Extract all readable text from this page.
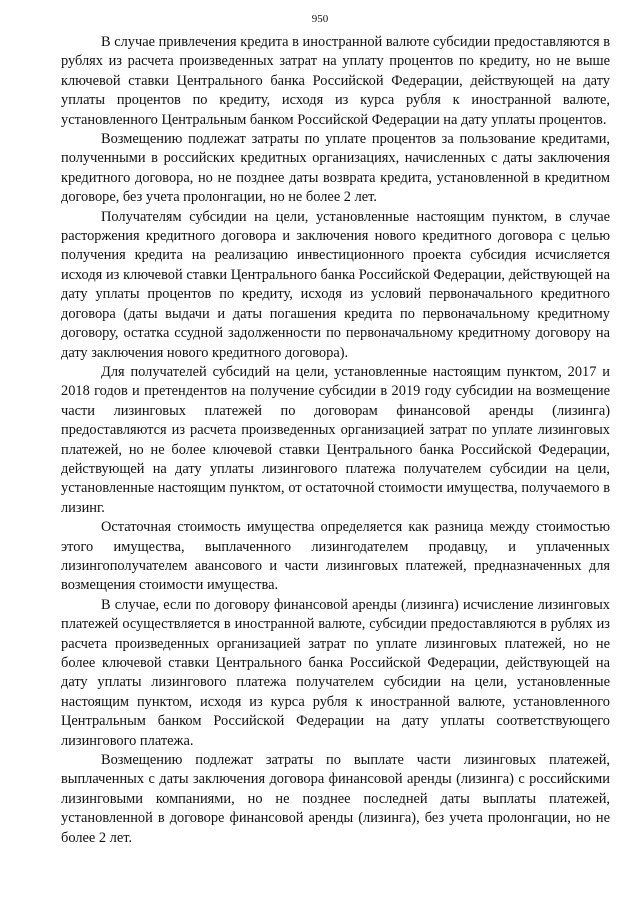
950

В случае привлечения кредита в иностранной валюте субсидии предоставляются в рублях из расчета произведенных затрат на уплату процентов по кредиту, но не выше ключевой ставки Центрального банка Российской Федерации, действующей на дату уплаты процентов по кредиту, исходя из курса рубля к иностранной валюте, установленного Центральным банком Российской Федерации на дату уплаты процентов.

Возмещению подлежат затраты по уплате процентов за пользование кредитами, полученными в российских кредитных организациях, начисленных с даты заключения кредитного договора, но не позднее даты возврата кредита, установленной в кредитном договоре, без учета пролонгации, но не более 2 лет.

Получателям субсидии на цели, установленные настоящим пунктом, в случае расторжения кредитного договора и заключения нового кредитного договора с целью получения кредита на реализацию инвестиционного проекта субсидия исчисляется исходя из ключевой ставки Центрального банка Российской Федерации, действующей на дату уплаты процентов по кредиту, исходя из условий первоначального кредитного договора (даты выдачи и даты погашения кредита по первоначальному кредитному договору, остатка ссудной задолженности по первоначальному кредитному договору на дату заключения нового кредитного договора).

Для получателей субсидий на цели, установленные настоящим пунктом, 2017 и 2018 годов и претендентов на получение субсидии в 2019 году субсидии на возмещение части лизинговых платежей по договорам финансовой аренды (лизинга) предоставляются из расчета произведенных организацией затрат по уплате лизинговых платежей, но не более ключевой ставки Центрального банка Российской Федерации, действующей на дату уплаты лизингового платежа получателем субсидии на цели, установленные настоящим пунктом, от остаточной стоимости имущества, получаемого в лизинг.

Остаточная стоимость имущества определяется как разница между стоимостью этого имущества, выплаченного лизингодателем продавцу, и уплаченных лизингополучателем авансового и части лизинговых платежей, предназначенных для возмещения стоимости имущества.

В случае, если по договору финансовой аренды (лизинга) исчисление лизинговых платежей осуществляется в иностранной валюте, субсидии предоставляются в рублях из расчета произведенных организацией затрат по уплате лизинговых платежей, но не более ключевой ставки Центрального банка Российской Федерации, действующей на дату уплаты лизингового платежа получателем субсидии на цели, установленные настоящим пунктом, исходя из курса рубля к иностранной валюте, установленного Центральным банком Российской Федерации на дату уплаты соответствующего лизингового платежа.

Возмещению подлежат затраты по выплате части лизинговых платежей, выплаченных с даты заключения договора финансовой аренды (лизинга) с российскими лизинговыми компаниями, но не позднее последней даты выплаты платежей, установленной в договоре финансовой аренды (лизинга), без учета пролонгации, но не более 2 лет.
